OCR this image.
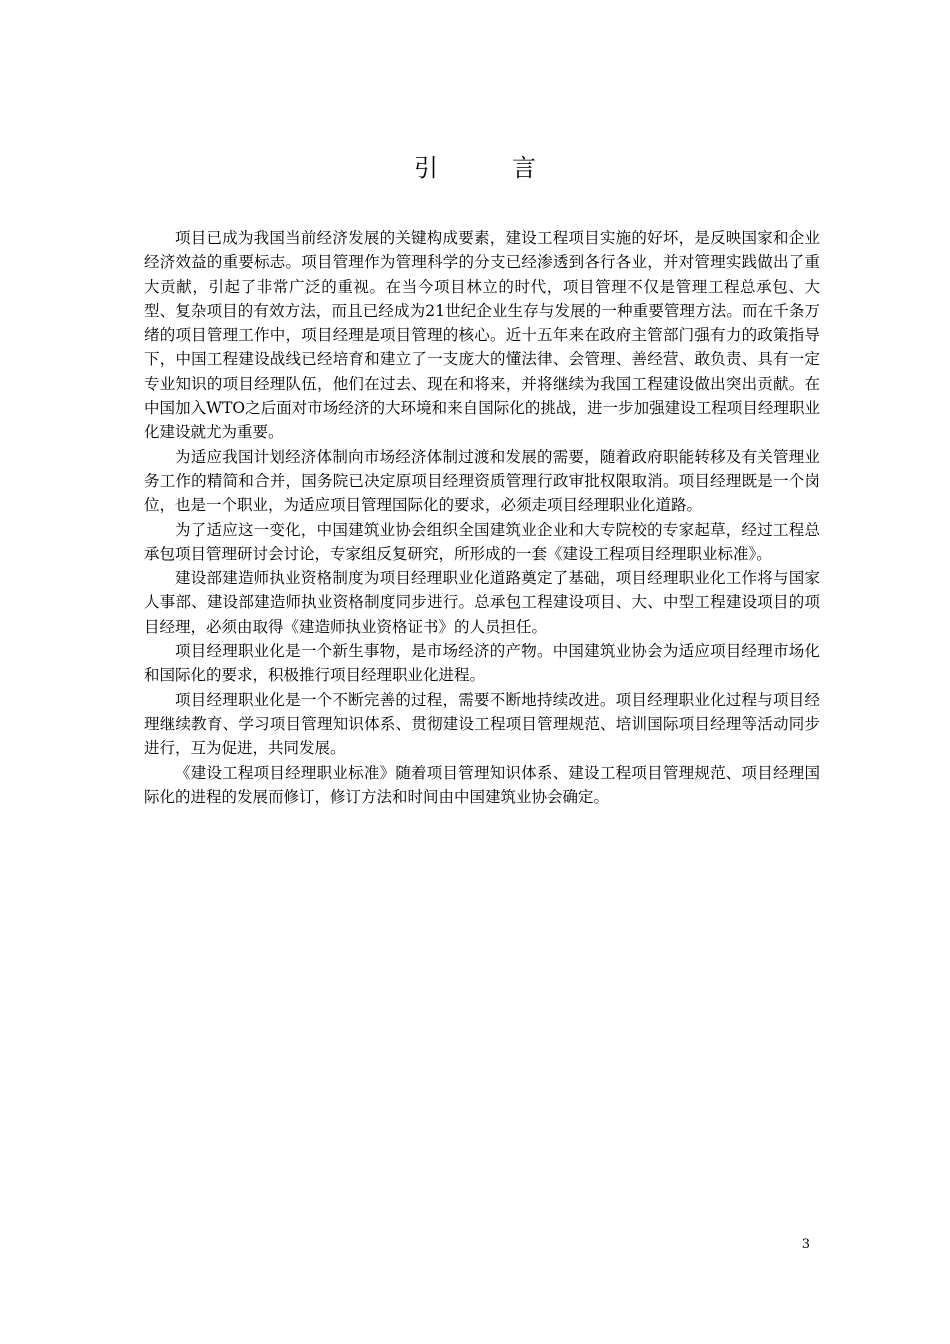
引	言

项目已成为我国当前经济发展的关键构成要素，建设工程项目实施的好坏，是反映国家和企业经济效益的重要标志。项目管理作为管理科学的分支已经渗透到各行各业，并对管理实践做出了重大贡献，引起了非常广泛的重视。在当今项目林立的时代，项目管理不仅是管理工程总承包、大型、复杂项目的有效方法，而且已经成为21世纪企业生存与发展的一种重要管理方法。而在千条万绪的项目管理工作中，项目经理是项目管理的核心。近十五年来在政府主管部门强有力的政策指导下，中国工程建设战线已经培育和建立了一支庞大的懂法律、会管理、善经营、敢负责、具有一定专业知识的项目经理队伍，他们在过去、现在和将来，并将继续为我国工程建设做出突出贡献。在中国加入WTO之后面对市场经济的大环境和来自国际化的挑战，进一步加强建设工程项目经理职业化建设就尤为重要。

为适应我国计划经济体制向市场经济体制过渡和发展的需要，随着政府职能转移及有关管理业务工作的精简和合并，国务院已决定原项目经理资质管理行政审批权限取消。项目经理既是一个岗位，也是一个职业，为适应项目管理国际化的要求，必须走项目经理职业化道路。

为了适应这一变化，中国建筑业协会组织全国建筑业企业和大专院校的专家起草，经过工程总承包项目管理研讨会讨论，专家组反复研究，所形成的一套《建设工程项目经理职业标准》。

建设部建造师执业资格制度为项目经理职业化道路奠定了基础，项目经理职业化工作将与国家人事部、建设部建造师执业资格制度同步进行。总承包工程建设项目、大、中型工程建设项目的项目经理，必须由取得《建造师执业资格证书》的人员担任。

项目经理职业化是一个新生事物，是市场经济的产物。中国建筑业协会为适应项目经理市场化和国际化的要求，积极推行项目经理职业化进程。

项目经理职业化是一个不断完善的过程，需要不断地持续改进。项目经理职业化过程与项目经理继续教育、学习项目管理知识体系、贯彻建设工程项目管理规范、培训国际项目经理等活动同步进行，互为促进，共同发展。

《建设工程项目经理职业标准》随着项目管理知识体系、建设工程项目管理规范、项目经理国际化的进程的发展而修订，修订方法和时间由中国建筑业协会确定。

3
